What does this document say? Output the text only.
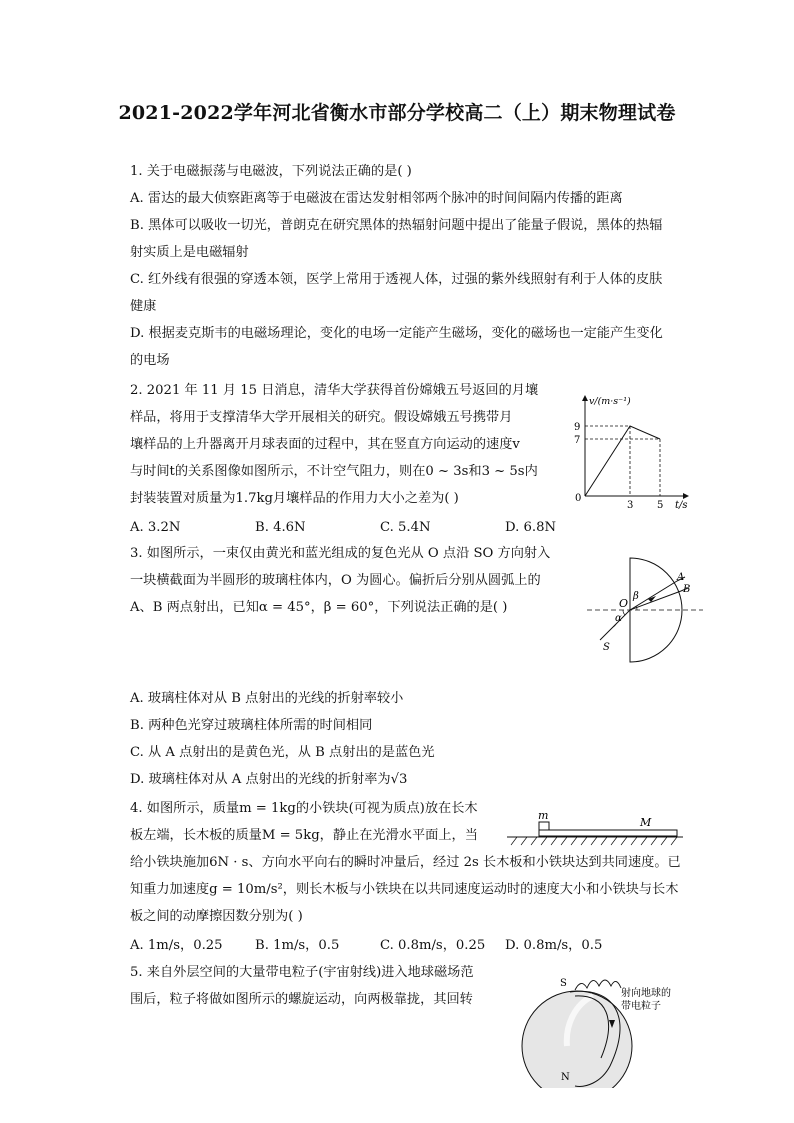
2021-2022学年河北省衡水市部分学校高二（上）期末物理试卷
1. 关于电磁振荡与电磁波，下列说法正确的是( )
A. 雷达的最大侦察距离等于电磁波在雷达发射相邻两个脉冲的时间间隔内传播的距离
B. 黑体可以吸收一切光，普朗克在研究黑体的热辐射问题中提出了能量子假说，黑体的热辐
射实质上是电磁辐射
C. 红外线有很强的穿透本领，医学上常用于透视人体，过强的紫外线照射有利于人体的皮肤
健康
D. 根据麦克斯韦的电磁场理论，变化的电场一定能产生磁场，变化的磁场也一定能产生变化
的电场
2. 2021 年 11 月 15 日消息，清华大学获得首份嫦娥五号返回的月壤
样品，将用于支撑清华大学开展相关的研究。假设嫦娥五号携带月
壤样品的上升器离开月球表面的过程中，其在竖直方向运动的速度v
与时间t的关系图像如图所示，不计空气阻力，则在0 ~ 3s和3 ~ 5s内
封装装置对质量为1.7kg月壤样品的作用力大小之差为( )
A. 3.2N	B. 4.6N	C. 5.4N	D. 6.8N
v/(m·s⁻¹)
t/s
9
7
3 5
0
3. 如图所示，一束仅由黄光和蓝光组成的复色光从 O 点沿 SO 方向射入
一块横截面为半圆形的玻璃柱体内，O 为圆心。偏折后分别从圆弧上的
A、B 两点射出，已知α = 45°，β = 60°，下列说法正确的是( )	O
β
α
A
B
S
A. 玻璃柱体对从 B 点射出的光线的折射率较小
B. 两种色光穿过玻璃柱体所需的时间相同
C. 从 A 点射出的是黄色光，从 B 点射出的是蓝色光
D. 玻璃柱体对从 A 点射出的光线的折射率为√3
4. 如图所示，质量m = 1kg的小铁块(可视为质点)放在长木
板左端，长木板的质量M = 5kg，静止在光滑水平面上，当
给小铁块施加6N · s、方向水平向右的瞬时冲量后，经过 2s 长木板和小铁块达到共同速度。已
知重力加速度g = 10m/s²，则长木板与小铁块在以共同速度运动时的速度大小和小铁块与长木
板之间的动摩擦因数分别为( )
A. 1m/s，0.25 B. 1m/s，0.5	C. 0.8m/s，0.25 D. 0.8m/s，0.5
m
M
5. 来自外层空间的大量带电粒子(宇宙射线)进入地球磁场范
围后，粒子将做如图所示的螺旋运动，向两极靠拢，其回转
S
N
射向地球的
带电粒子
